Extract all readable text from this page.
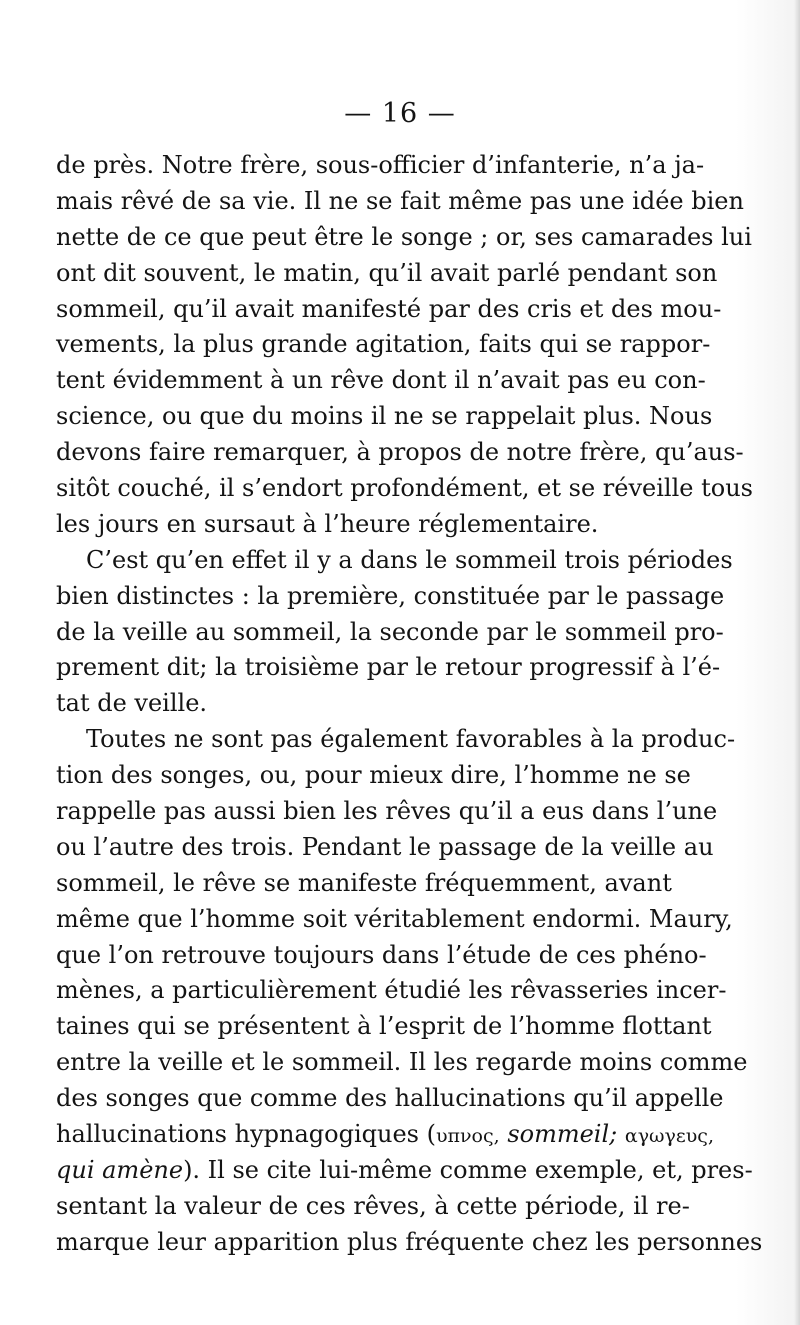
— 16 —
de près. Notre frère, sous-officier d’infanterie, n’a ja-
mais rêvé de sa vie. Il ne se fait même pas une idée bien
nette de ce que peut être le songe ; or, ses camarades lui
ont dit souvent, le matin, qu’il avait parlé pendant son
sommeil, qu’il avait manifesté par des cris et des mou-
vements, la plus grande agitation, faits qui se rappor-
tent évidemment à un rêve dont il n’avait pas eu con-
science, ou que du moins il ne se rappelait plus. Nous
devons faire remarquer, à propos de notre frère, qu’aus-
sitôt couché, il s’endort profondément, et se réveille tous
les jours en sursaut à l’heure réglementaire.
C’est qu’en effet il y a dans le sommeil trois périodes
bien distinctes : la première, constituée par le passage
de la veille au sommeil, la seconde par le sommeil pro-
prement dit; la troisième par le retour progressif à l’é-
tat de veille.
Toutes ne sont pas également favorables à la produc-
tion des songes, ou, pour mieux dire, l’homme ne se
rappelle pas aussi bien les rêves qu’il a eus dans l’une
ou l’autre des trois. Pendant le passage de la veille au
sommeil, le rêve se manifeste fréquemment, avant
même que l’homme soit véritablement endormi. Maury,
que l’on retrouve toujours dans l’étude de ces phéno-
mènes, a particulièrement étudié les rêvasseries incer-
taines qui se présentent à l’esprit de l’homme flottant
entre la veille et le sommeil. Il les regarde moins comme
des songes que comme des hallucinations qu’il appelle
hallucinations hypnagogiques (υπνος, sommeil; αγωγευς,
qui amène). Il se cite lui-même comme exemple, et, pres-
sentant la valeur de ces rêves, à cette période, il re-
marque leur apparition plus fréquente chez les personnes
